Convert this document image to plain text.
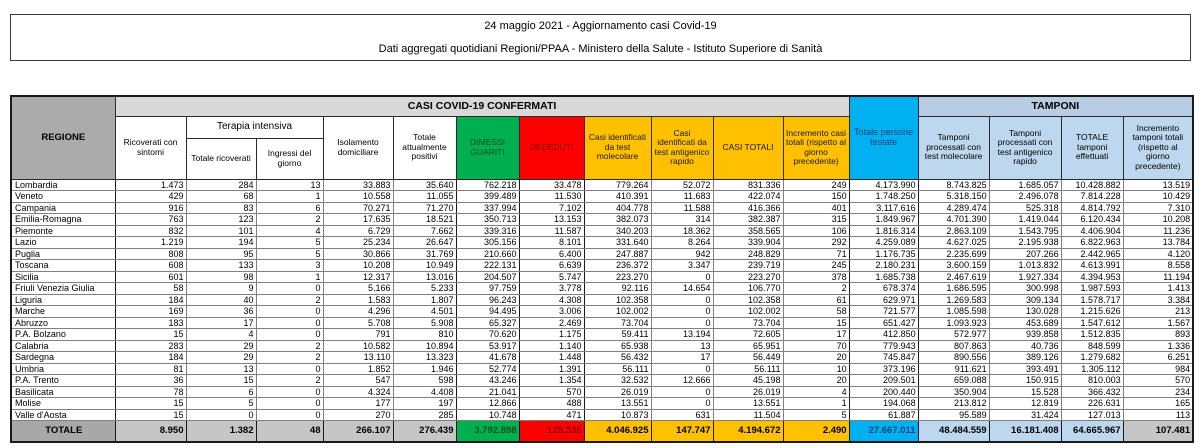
24 maggio 2021 - Aggiornamento casi Covid-19
Dati aggregati quotidiani Regioni/PPAA - Ministero della Salute - Istituto Superiore di Sanità
REGIONE	CASI COVID-19 CONFERMATI											Totale persone testate	TAMPONI			
	Ricoverati con sintomi	Terapia intensiva		Isolamento domiciliare	Totale attualmente positivi	DIMESSI GUARITI	DECEDUTI	Casi identificati da test molecolare	Casi identificati da test antigenico rapido	CASI TOTALI	Incremento casi totali (rispetto al giorno precedente)		Tamponi processati con test molecolare	Tamponi processati con test antigenico rapido	TOTALE tamponi effettuati	Incremento tamponi totali (rispetto al giorno precedente)
		Totale ricoverati	Ingressi del giorno													
Lombardia	1.473	284	13	33.883	35.640	762.218	33.478	779.264	52.072	831.336	249	4.173.990	8.743.825	1.685.057	10.428.882	13.519
Veneto	429	68	1	10.558	11.055	399.489	11.530	410.391	11.683	422.074	150	1.748.250	5.318.150	2.496.078	7.814.228	10.429
Campania	916	83	6	70.271	71.270	337.994	7.102	404.778	11.588	416.366	401	3.117.616	4.289.474	525.318	4.814.792	7.310
Emilia-Romagna	763	123	2	17.635	18.521	350.713	13.153	382.073	314	382.387	315	1.849.967	4.701.390	1.419.044	6.120.434	10.208
Piemonte	832	101	4	6.729	7.662	339.316	11.587	340.203	18.362	358.565	106	1.816.314	2.863.109	1.543.795	4.406.904	11.236
Lazio	1.219	194	5	25.234	26.647	305.156	8.101	331.640	8.264	339.904	292	4.259.089	4.627.025	2.195.938	6.822.963	13.784
Puglia	808	95	5	30.866	31.769	210.660	6.400	247.887	942	248.829	71	1.176.735	2.235.699	207.266	2.442.965	4.120
Toscana	608	133	3	10.208	10.949	222.131	6.639	236.372	3.347	239.719	245	2.180.231	3.600.159	1.013.832	4.613.991	8.558
Sicilia	601	98	1	12.317	13.016	204.507	5.747	223.270	0	223.270	378	1.685.738	2.467.619	1.927.334	4.394.953	11.194
Friuli Venezia Giulia	58	9	0	5.166	5.233	97.759	3.778	92.116	14.654	106.770	2	678.374	1.686.595	300.998	1.987.593	1.413
Liguria	184	40	2	1.583	1.807	96.243	4.308	102.358	0	102.358	61	629.971	1.269.583	309.134	1.578.717	3.384
Marche	169	36	0	4.296	4.501	94.495	3.006	102.002	0	102.002	58	721.577	1.085.598	130.028	1.215.626	213
Abruzzo	183	17	0	5.708	5.908	65.327	2.469	73.704	0	73.704	15	651.427	1.093.923	453.689	1.547.612	1.567
P.A. Bolzano	15	4	0	791	810	70.620	1.175	59.411	13.194	72.605	17	412.850	572.977	939.858	1.512.835	893
Calabria	283	29	2	10.582	10.894	53.917	1.140	65.938	13	65.951	70	779.943	807.863	40.736	848.599	1.336
Sardegna	184	29	2	13.110	13.323	41.678	1.448	56.432	17	56.449	20	745.847	890.556	389.126	1.279.682	6.251
Umbria	81	13	0	1.852	1.946	52.774	1.391	56.111	0	56.111	10	373.196	911.621	393.491	1.305.112	984
P.A. Trento	36	15	2	547	598	43.246	1.354	32.532	12.666	45.198	20	209.501	659.088	150.915	810.003	570
Basilicata	78	6	0	4.324	4.408	21.041	570	26.019	0	26.019	4	200.440	350.904	15.528	366.432	234
Molise	15	5	0	177	197	12.866	488	13.551	0	13.551	1	194.068	213.812	12.819	226.631	165
Valle d'Aosta	15	0	0	270	285	10.748	471	10.873	631	11.504	5	61.887	95.589	31.424	127.013	113
TOTALE	8.950	1.382	48	266.107	276.439	3.792.898	125.335	4.046.925	147.747	4.194.672	2.490	27.667.011	48.484.559	16.181.408	64.665.967	107.481
